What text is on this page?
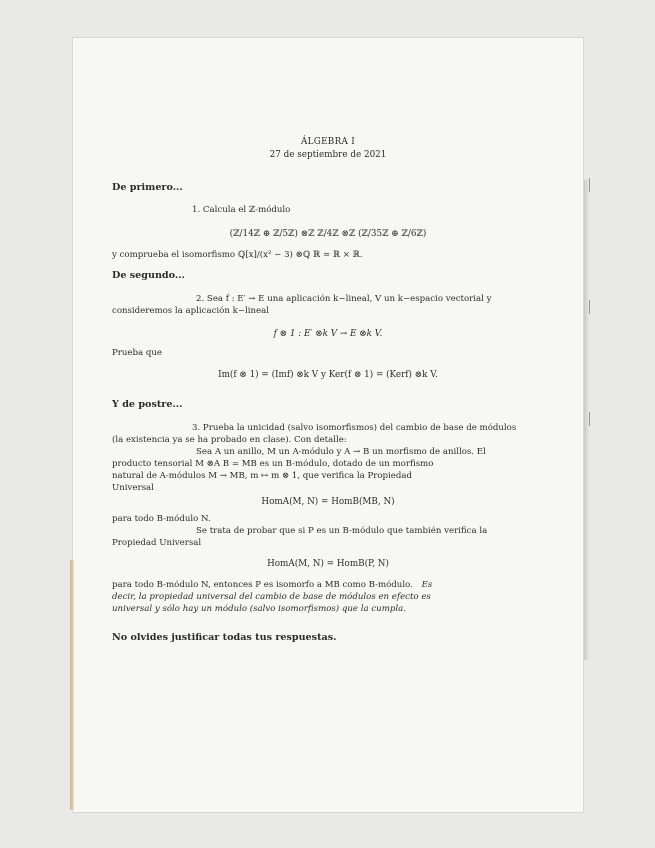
ÁLGEBRA I
27 de septiembre de 2021
De primero...
1. Calcula el ℤ-módulo
(ℤ/14ℤ ⊕ ℤ/5ℤ) ⊗ℤ ℤ/4ℤ ⊗ℤ (ℤ/35ℤ ⊕ ℤ/6ℤ)
y comprueba el isomorfismo ℚ[x]/(x² − 3) ⊗ℚ ℝ ≃ ℝ × ℝ.
De segundo...
2. Sea f : E′ → E una aplicación k−lineal, V un k−espacio vectorial y
consideremos la aplicación k−lineal
f ⊗ 1 : E′ ⊗k V → E ⊗k V.
Prueba que
Im(f ⊗ 1) = (Imf) ⊗k V y Ker(f ⊗ 1) = (Kerf) ⊗k V.
Y de postre...
3. Prueba la unicidad (salvo isomorfismos) del cambio de base de módulos
(la existencia ya se ha probado en clase). Con detalle:
Sea A un anillo, M un A-módulo y A → B un morfismo de anillos. El
producto tensorial M ⊗A B = MB es un B-módulo, dotado de un morfismo
natural de A-módulos M → MB, m ↦ m ⊗ 1, que verifica la Propiedad
Universal
HomA(M, N) = HomB(MB, N)
para todo B-módulo N.
Se trata de probar que si P es un B-módulo que también verifica la
Propiedad Universal
HomA(M, N) = HomB(P, N)
para todo B-módulo N, entonces P es isomorfo a MB como B-módulo. Es
decir, la propiedad universal del cambio de base de módulos en efecto es
universal y sólo hay un módulo (salvo isomorfismos) que la cumpla.
No olvides justificar todas tus respuestas.
